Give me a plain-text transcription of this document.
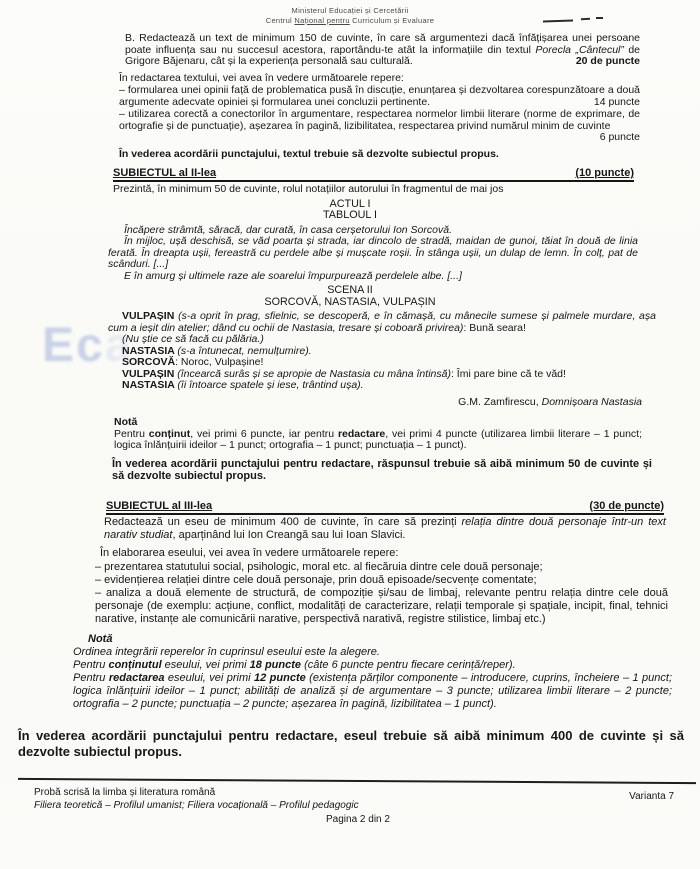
Eca
Ministerul Educației și Cercetării
Centrul Național pentru Curriculum și Evaluare
B. Redactează un text de minimum 150 de cuvinte, în care să argumentezi dacă înfățișarea unei persoane poate influența sau nu succesul acestora, raportându-te atât la informațiile din textul Porecla „Cântecul” de Grigore Băjenaru, cât și la experiența personală sau culturală.	20 de puncte

În redactarea textului, vei avea în vedere următoarele repere:

– formularea unei opinii față de problematica pusă în discuție, enunțarea și dezvoltarea corespunzătoare a două argumente adecvate opiniei și formularea unei concluzii pertinente.	14 puncte
– utilizarea corectă a conectorilor în argumentare, respectarea normelor limbii literare (norme de exprimare, de ortografie și de punctuație), așezarea în pagină, lizibilitatea, respectarea privind numărul minim de cuvinte

6 puncte

În vederea acordării punctajului, textul trebuie să dezvolte subiectul propus.

SUBIECTUL al II-lea	(10 puncte)

Prezintă, în minimum 50 de cuvinte, rolul notațiilor autorului în fragmentul de mai jos

ACTUL I

TABLOUL I

Încăpere strâmtă, săracă, dar curată, în casa cerșetorului Ion Sorcovă.

În mijloc, ușă deschisă, se văd poarta și strada, iar dincolo de stradă, maidan de gunoi, tăiat în două de linia ferată. În dreapta ușii, fereastră cu perdele albe și mușcate roșii. În stânga ușii, un dulap de lemn. În colț, pat de scânduri. [...]

E în amurg și ultimele raze ale soarelui împurpurează perdelele albe. [...]

SCENA II

SORCOVĂ, NASTASIA, VULPAȘIN

VULPAȘIN (s-a oprit în prag, sfielnic, se descoperă, e în cămașă, cu mânecile sumese și palmele murdare, așa cum a ieșit din atelier; dând cu ochii de Nastasia, tresare și coboară privirea): Bună seara!

(Nu știe ce să facă cu pălăria.)

NASTASIA (s-a întunecat, nemulțumire).

SORCOVĂ: Noroc, Vulpașine!

VULPAȘIN (încearcă surâs și se apropie de Nastasia cu mâna întinsă): Îmi pare bine că te văd!

NASTASIA (îi întoarce spatele și iese, trântind ușa).

G.M. Zamfirescu, Domnișoara Nastasia

Notă

Pentru conținut, vei primi 6 puncte, iar pentru redactare, vei primi 4 puncte (utilizarea limbii literare – 1 punct; logica înlănțuirii ideilor – 1 punct; ortografia – 1 punct; punctuația – 1 punct).

În vederea acordării punctajului pentru redactare, răspunsul trebuie să aibă minimum 50 de cuvinte și să dezvolte subiectul propus.

SUBIECTUL al III-lea	(30 de puncte)

Redactează un eseu de minimum 400 de cuvinte, în care să prezinți relația dintre două personaje într-un text narativ studiat, aparținând lui Ion Creangă sau lui Ioan Slavici.

În elaborarea eseului, vei avea în vedere următoarele repere:

– prezentarea statutului social, psihologic, moral etc. al fiecăruia dintre cele două personaje;

– evidențierea relației dintre cele două personaje, prin două episoade/secvențe comentate;

– analiza a două elemente de structură, de compoziție și/sau de limbaj, relevante pentru relația dintre cele două personaje (de exemplu: acțiune, conflict, modalități de caracterizare, relații temporale și spațiale, incipit, final, tehnici narative, instanțe ale comunicării narative, perspectivă narativă, registre stilistice, limbaj etc.)

Notă

Ordinea integrării reperelor în cuprinsul eseului este la alegere.

Pentru conținutul eseului, vei primi 18 puncte (câte 6 puncte pentru fiecare cerință/reper).

Pentru redactarea eseului, vei primi 12 puncte (existența părților componente – introducere, cuprins, încheiere – 1 punct; logica înlănțuirii ideilor – 1 punct; abilități de analiză și de argumentare – 3 puncte; utilizarea limbii literare – 2 puncte; ortografia – 2 puncte; punctuația – 2 puncte; așezarea în pagină, lizibilitatea – 1 punct).

În vederea acordării punctajului pentru redactare, eseul trebuie să aibă minimum 400 de cuvinte și să dezvolte subiectul propus.

Probă scrisă la limba și literatura română
Filiera teoretică – Profilul umanist; Filiera vocațională – Profilul pedagogic
Varianta 7
Pagina 2 din 2
